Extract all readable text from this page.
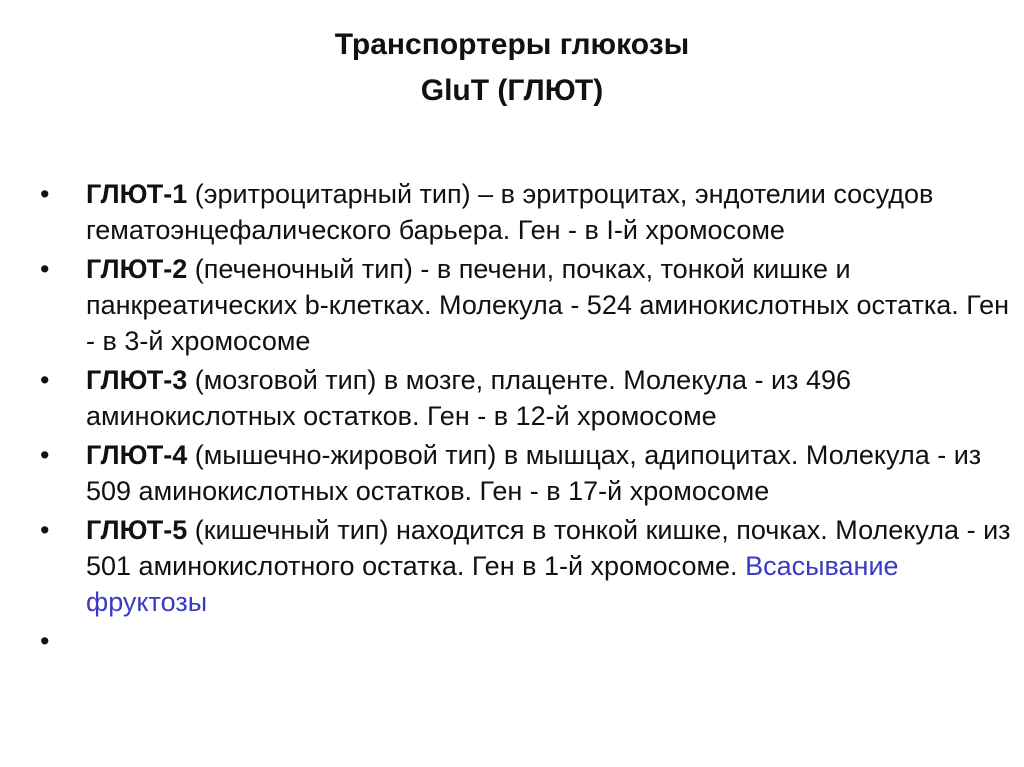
Транспортеры глюкозы
GluT (ГЛЮТ)
• ГЛЮТ-1 (эритроцитарный тип) – в эритроцитах, эндотелии сосудов гематоэнцефалического барьера. Ген - в I-й хромосоме
• ГЛЮТ-2 (печеночный тип) - в печени, почках, тонкой кишке и панкреатических b-клетках. Молекула - 524 аминокислотных остатка. Ген - в 3-й хромосоме
• ГЛЮТ-3 (мозговой тип) в мозге, плаценте. Молекула - из 496 аминокислотных остатков. Ген - в 12-й хромосоме
• ГЛЮТ-4 (мышечно-жировой тип) в мышцах, адипоцитах. Молекула - из 509 аминокислотных остатков. Ген - в 17-й хромосоме
• ГЛЮТ-5 (кишечный тип) находится в тонкой кишке, почках. Молекула - из 501 аминокислотного остатка. Ген в 1-й хромосоме. Всасывание фруктозы
•
